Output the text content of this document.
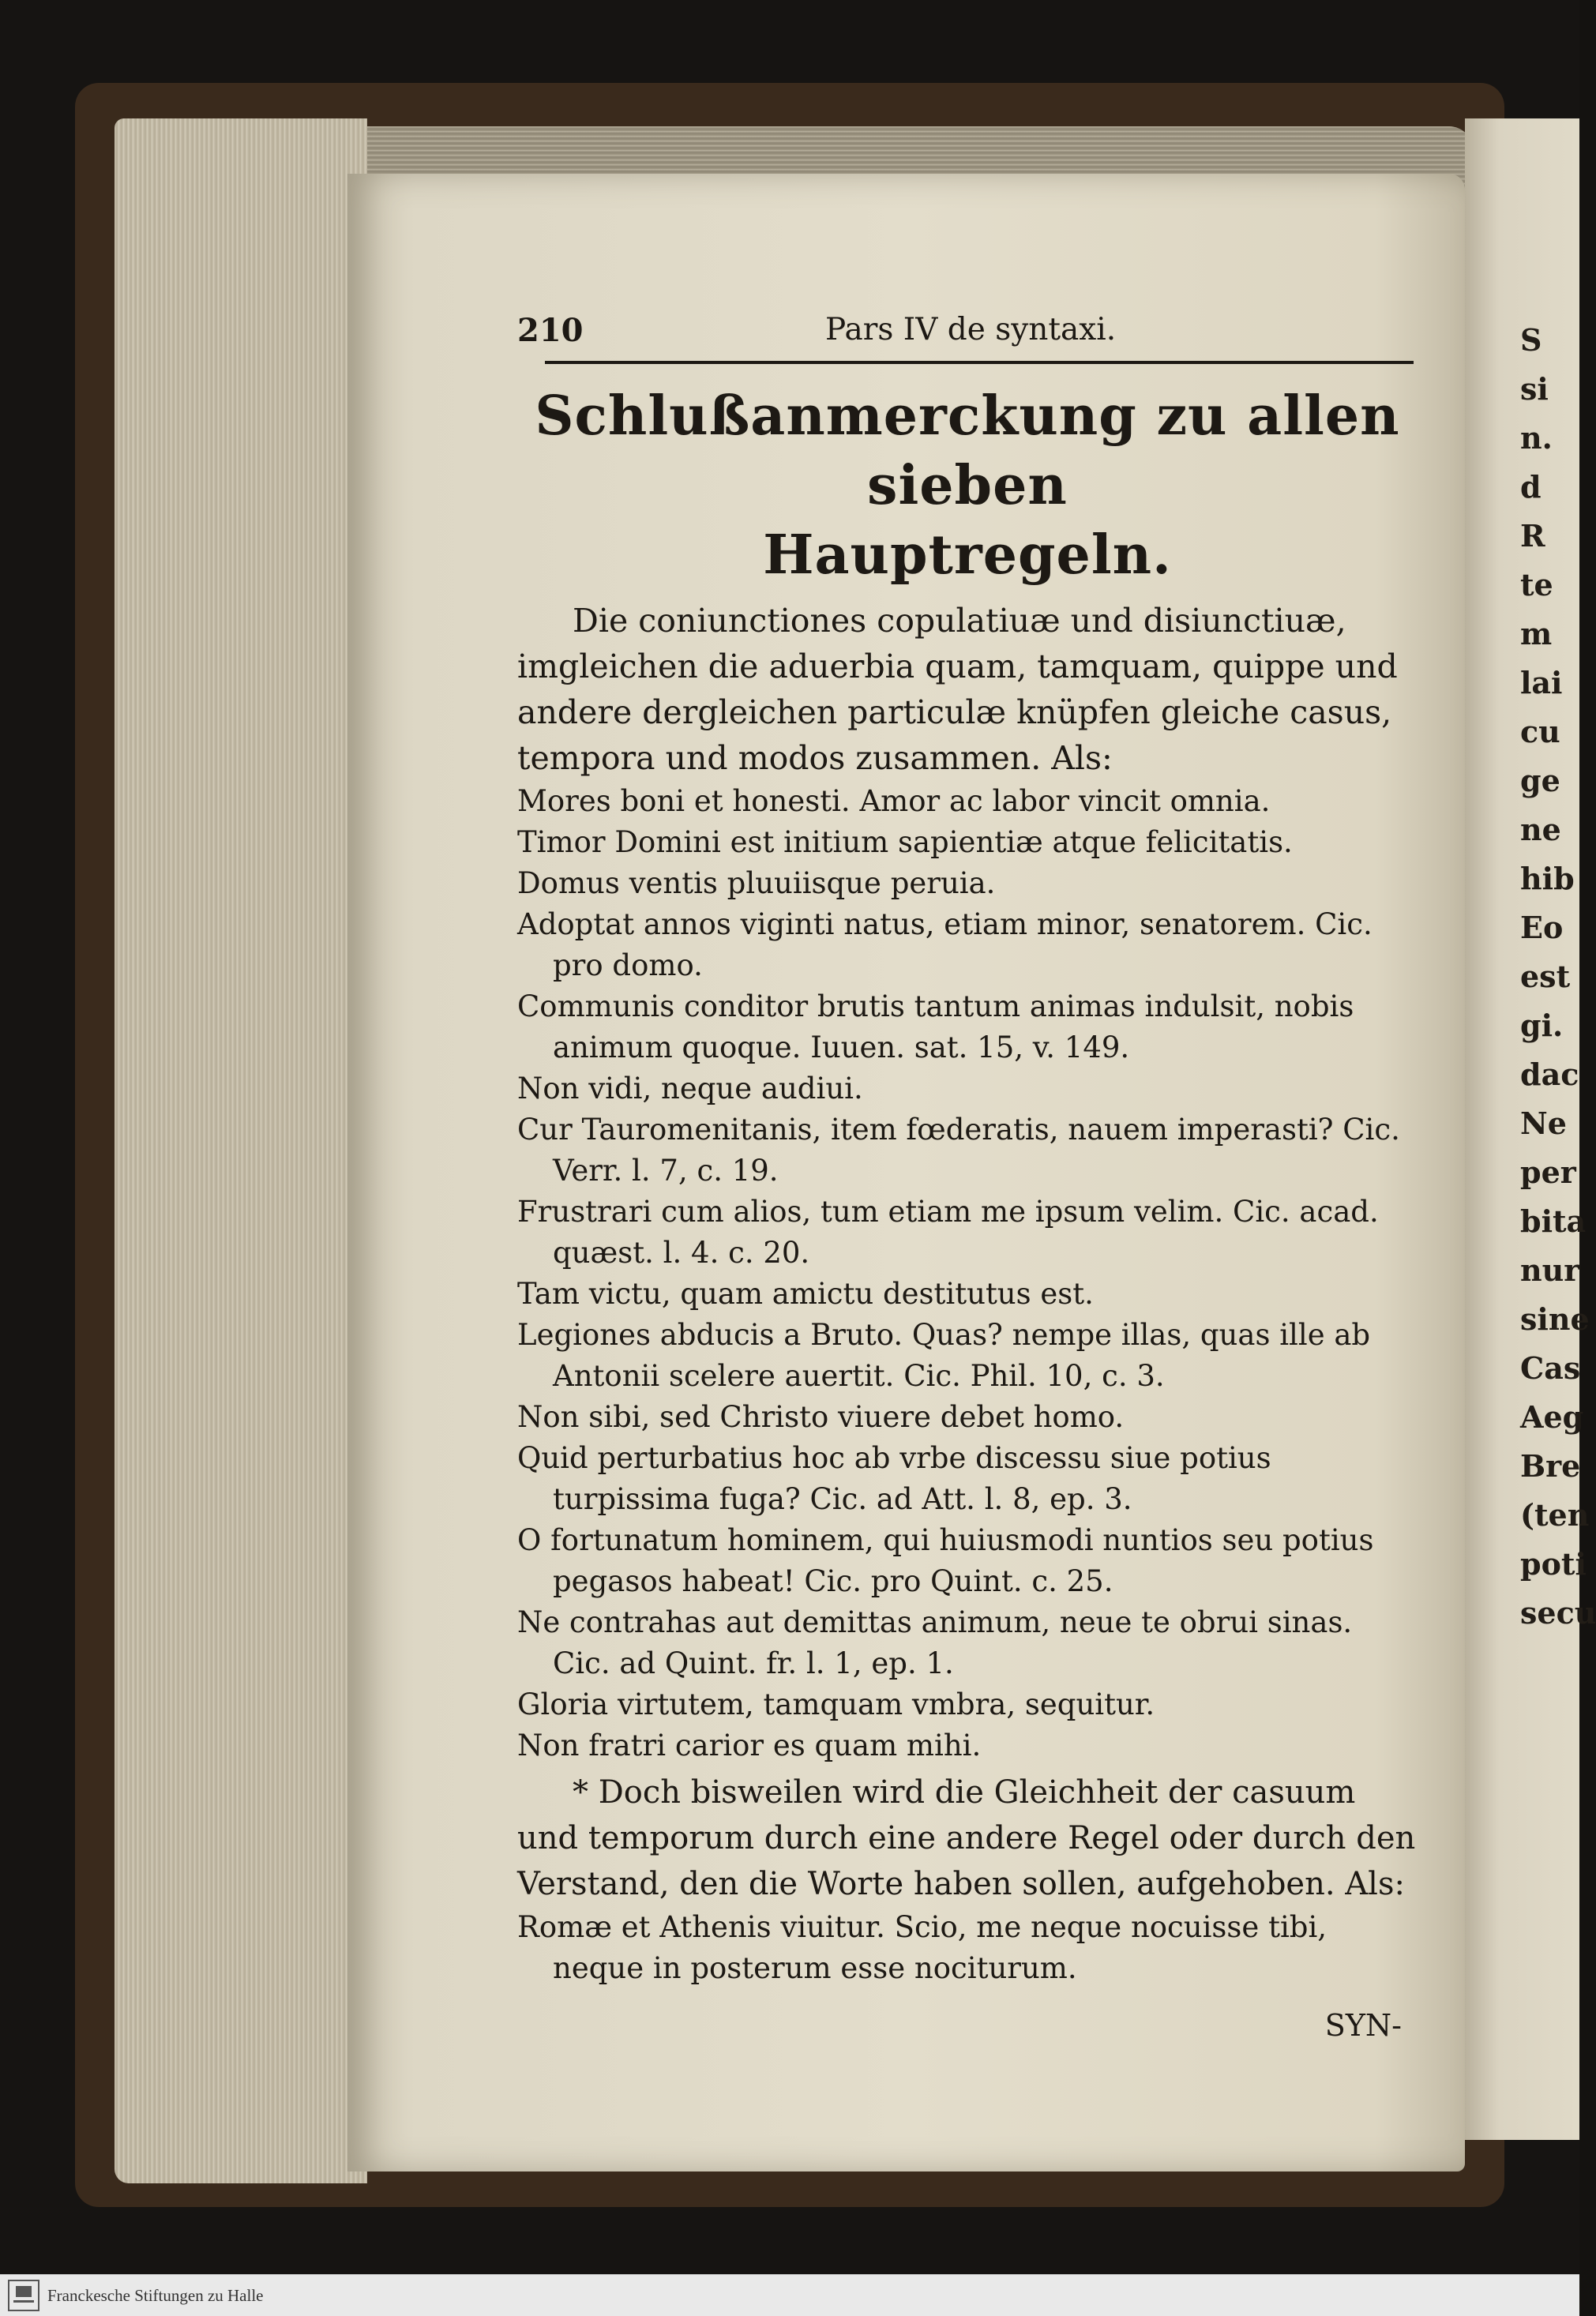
S
si
n.
d
R
te
m
lai
cu
ge
ne
hib
Eo
est
gi.
dac
Ne
per
bita
nur
sine
Cas
Aeg
Bre
(ten
poti
secu
210	Pars IV de syntaxi.
Schlußanmerckung zu allen sieben
Hauptregeln.
Die coniunctiones copulatiuæ und disiunctiuæ, imgleichen die aduerbia quam, tamquam, quippe und andere dergleichen particulæ knüpfen gleiche casus, tempora und modos zusammen. Als:
Mores boni et honesti. Amor ac labor vincit omnia.
Timor Domini est initium sapientiæ atque felicitatis.
Domus ventis pluuiisque peruia.
Adoptat annos viginti natus, etiam minor, senatorem. Cic. pro domo.
Communis conditor brutis tantum animas indulsit, nobis animum quoque. Iuuen. sat. 15, v. 149.
Non vidi, neque audiui.
Cur Tauromenitanis, item fœderatis, nauem imperasti? Cic. Verr. l. 7, c. 19.
Frustrari cum alios, tum etiam me ipsum velim. Cic. acad. quæst. l. 4. c. 20.
Tam victu, quam amictu destitutus est.
Legiones abducis a Bruto. Quas? nempe illas, quas ille ab Antonii scelere auertit. Cic. Phil. 10, c. 3.
Non sibi, sed Christo viuere debet homo.
Quid perturbatius hoc ab vrbe discessu siue potius turpissima fuga? Cic. ad Att. l. 8, ep. 3.
O fortunatum hominem, qui huiusmodi nuntios seu potius pegasos habeat! Cic. pro Quint. c. 25.
Ne contrahas aut demittas animum, neue te obrui sinas. Cic. ad Quint. fr. l. 1, ep. 1.
Gloria virtutem, tamquam vmbra, sequitur.
Non fratri carior es quam mihi.
* Doch bisweilen wird die Gleichheit der casuum und temporum durch eine andere Regel oder durch den Verstand, den die Worte haben sollen, aufgehoben. Als:
Romæ et Athenis viuitur. Scio, me neque nocuisse tibi, neque in posterum esse nociturum.
SYN-
Franckesche Stiftungen zu Halle
